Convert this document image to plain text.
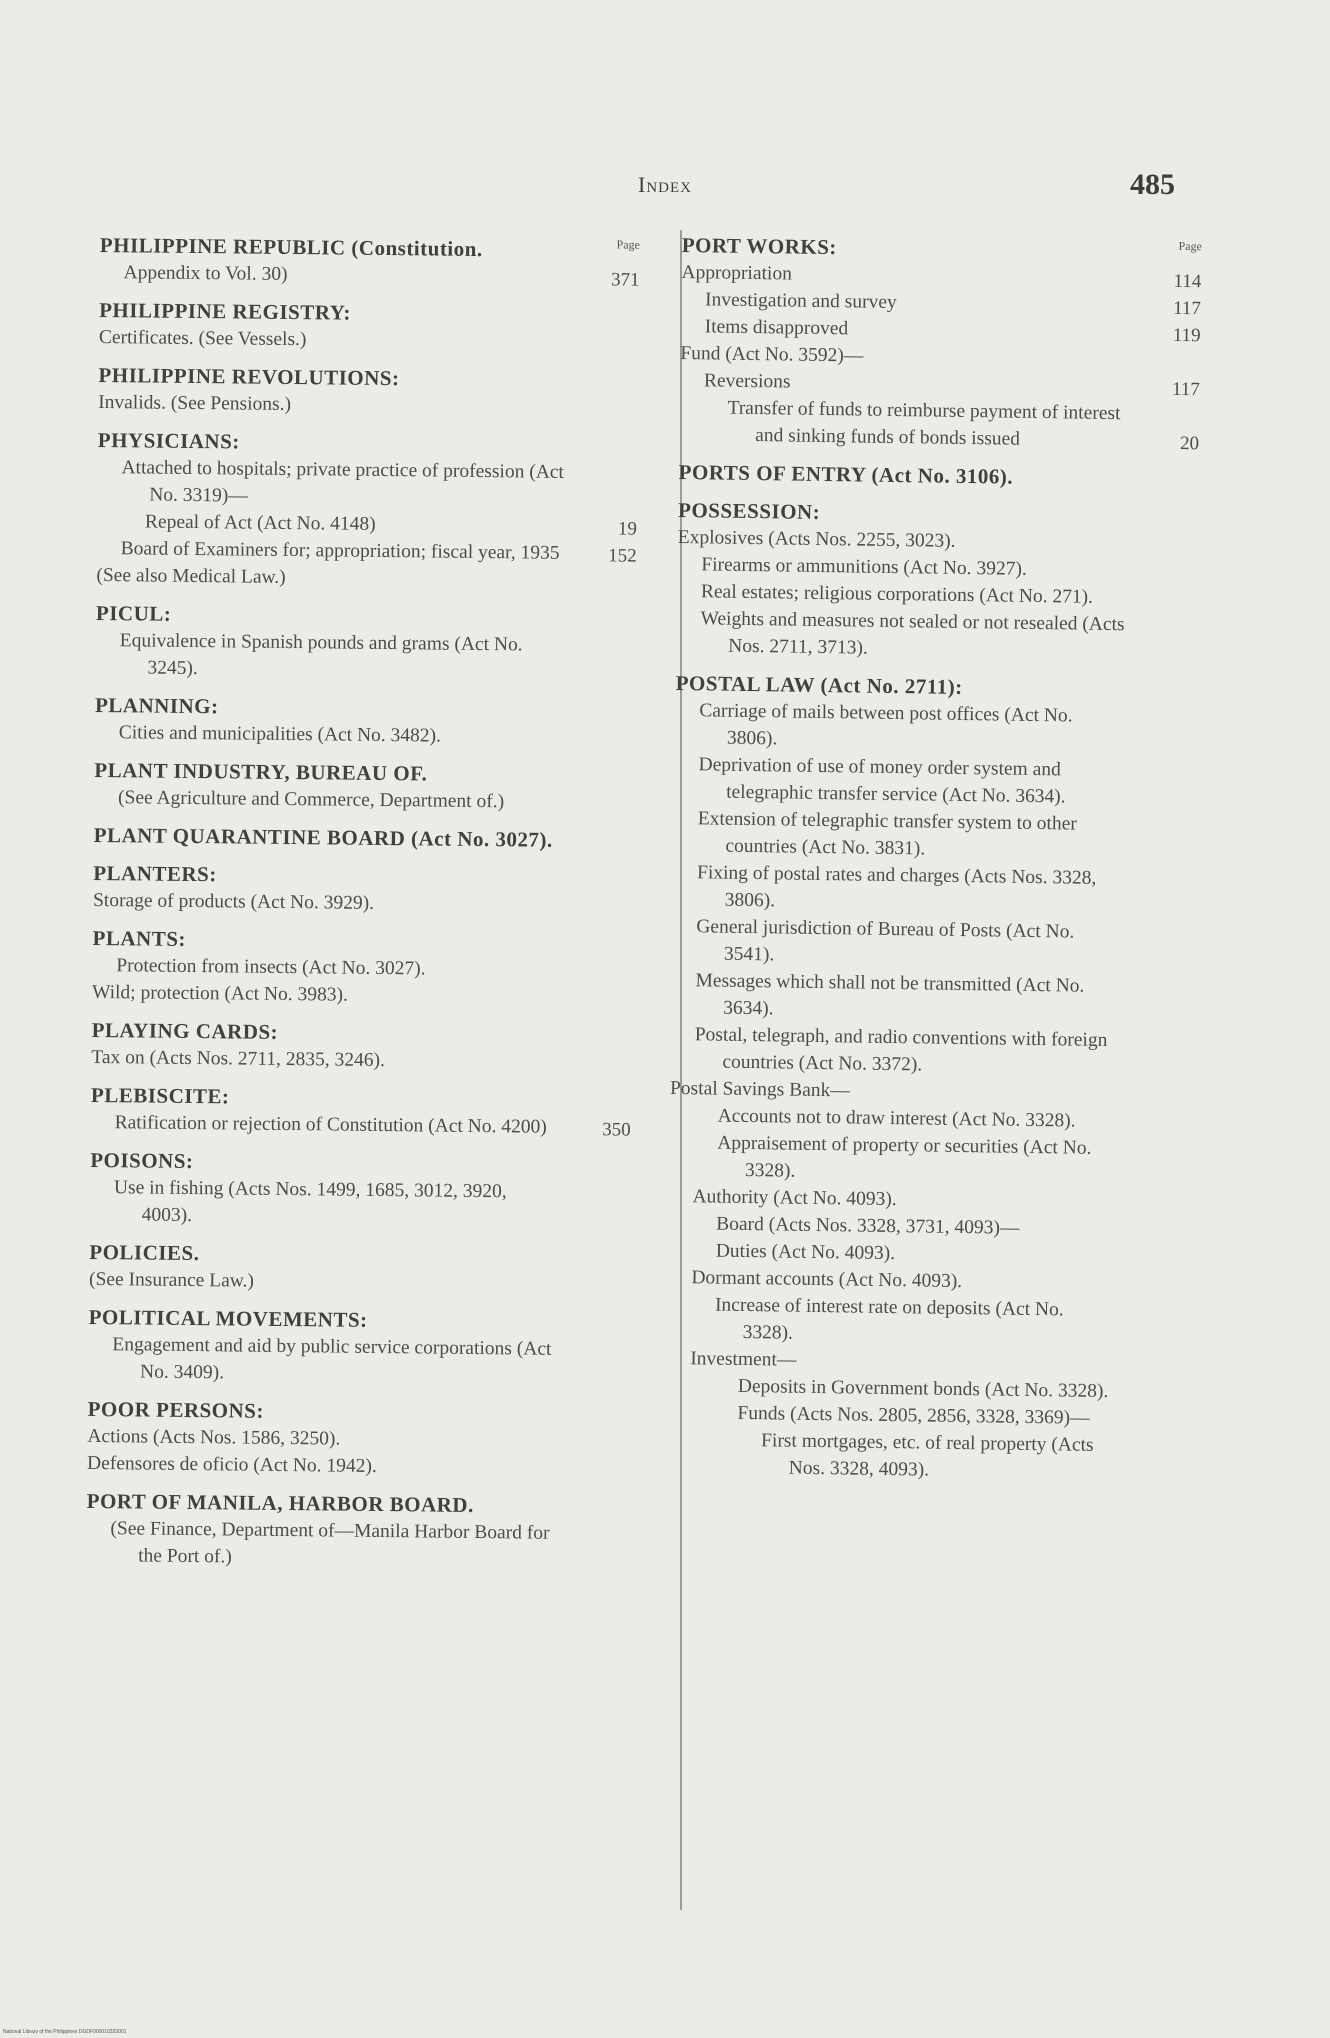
Index	485
Page
PHILIPPINE REPUBLIC (Constitution.
Appendix to Vol. 30)	371
PHILIPPINE REGISTRY:
Certificates. (See Vessels.)
PHILIPPINE REVOLUTIONS:
Invalids. (See Pensions.)
PHYSICIANS:
Attached to hospitals; private practice of profession (Act No. 3319)—
Repeal of Act (Act No. 4148)	19
Board of Examiners for; appropriation; fiscal year, 1935	152
(See also Medical Law.)
PICUL:
Equivalence in Spanish pounds and grams (Act No. 3245).
PLANNING:
Cities and municipalities (Act No. 3482).
PLANT INDUSTRY, BUREAU OF.
(See Agriculture and Commerce, Department of.)
PLANT QUARANTINE BOARD (Act No. 3027).
PLANTERS:
Storage of products (Act No. 3929).
PLANTS:
Protection from insects (Act No. 3027).
Wild; protection (Act No. 3983).
PLAYING CARDS:
Tax on (Acts Nos. 2711, 2835, 3246).
PLEBISCITE:
Ratification or rejection of Constitution (Act No. 4200)	350
POISONS:
Use in fishing (Acts Nos. 1499, 1685, 3012, 3920, 4003).
POLICIES.
(See Insurance Law.)
POLITICAL MOVEMENTS:
Engagement and aid by public service corporations (Act No. 3409).
POOR PERSONS:
Actions (Acts Nos. 1586, 3250).
Defensores de oficio (Act No. 1942).
PORT OF MANILA, HARBOR BOARD.
(See Finance, Department of—Manila Harbor Board for the Port of.)
Page
PORT WORKS:
Appropriation	114
Investigation and survey	117
Items disapproved	119
Fund (Act No. 3592)—
Reversions	117
Transfer of funds to reimburse payment of interest and sinking funds of bonds issued	20
PORTS OF ENTRY (Act No. 3106).
POSSESSION:
Explosives (Acts Nos. 2255, 3023).
Firearms or ammunitions (Act No. 3927).
Real estates; religious corporations (Act No. 271).
Weights and measures not sealed or not resealed (Acts Nos. 2711, 3713).
POSTAL LAW (Act No. 2711):
Carriage of mails between post offices (Act No. 3806).
Deprivation of use of money order system and telegraphic transfer service (Act No. 3634).
Extension of telegraphic transfer system to other countries (Act No. 3831).
Fixing of postal rates and charges (Acts Nos. 3328, 3806).
General jurisdiction of Bureau of Posts (Act No. 3541).
Messages which shall not be transmitted (Act No. 3634).
Postal, telegraph, and radio conventions with foreign countries (Act No. 3372).
Postal Savings Bank—
Accounts not to draw interest (Act No. 3328).
Appraisement of property or securities (Act No. 3328).
Authority (Act No. 4093).
Board (Acts Nos. 3328, 3731, 4093)—
Duties (Act No. 4093).
Dormant accounts (Act No. 4093).
Increase of interest rate on deposits (Act No. 3328).
Investment—
Deposits in Government bonds (Act No. 3328).
Funds (Acts Nos. 2805, 2856, 3328, 3369)—
First mortgages, etc. of real property (Acts Nos. 3328, 4093).
National Library of the Philippines DGDF000010333001
